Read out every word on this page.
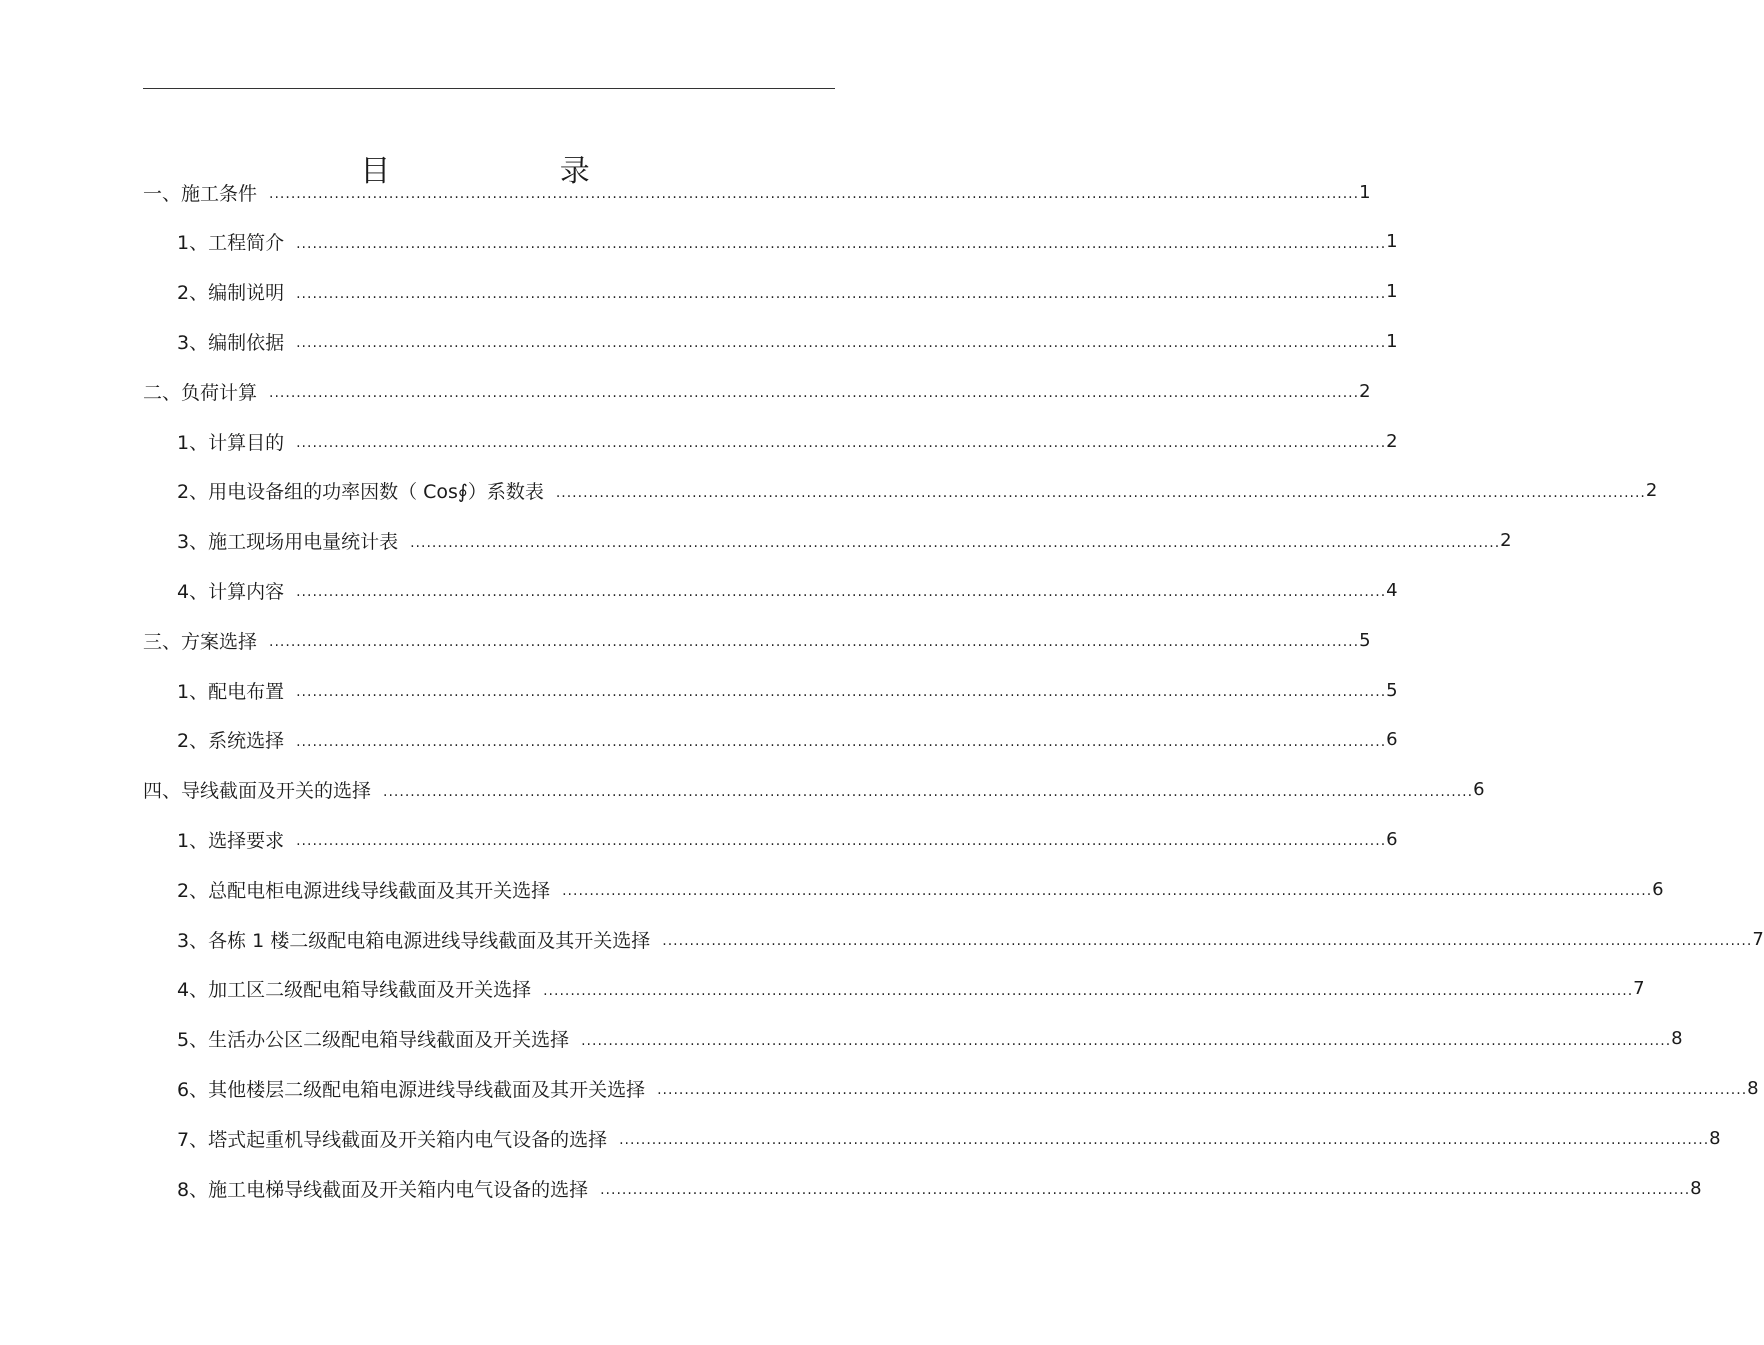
目 录
一、 施工条件 ........................................................................................................................................................................................................ 1
1、 工程简介 ........................................................................................................................................................................................................ 1
2、 编制说明 ........................................................................................................................................................................................................ 1
3、 编制依据 ........................................................................................................................................................................................................ 1
二、 负荷计算 ........................................................................................................................................................................................................ 2
1、 计算目的 ........................................................................................................................................................................................................ 2
2、 用电设备组的功率因数（ Cos∮）系数表 ........................................................................................................................................................................................................ 2
3、 施工现场用电量统计表 ........................................................................................................................................................................................................ 2
4、 计算内容 ........................................................................................................................................................................................................ 4
三、 方案选择 ........................................................................................................................................................................................................ 5
1、 配电布置 ........................................................................................................................................................................................................ 5
2、 系统选择 ........................................................................................................................................................................................................ 6
四、 导线截面及开关的选择 ........................................................................................................................................................................................................ 6
1、 选择要求 ........................................................................................................................................................................................................ 6
2、 总配电柜电源进线导线截面及其开关选择 ........................................................................................................................................................................................................ 6
3、 各栋 1 楼二级配电箱电源进线导线截面及其开关选择 ........................................................................................................................................................................................................ 7
4、 加工区二级配电箱导线截面及开关选择 ........................................................................................................................................................................................................ 7
5、 生活办公区二级配电箱导线截面及开关选择 ........................................................................................................................................................................................................ 8
6、 其他楼层二级配电箱电源进线导线截面及其开关选择 ........................................................................................................................................................................................................ 8
7、 塔式起重机导线截面及开关箱内电气设备的选择 ........................................................................................................................................................................................................ 8
8、 施工电梯导线截面及开关箱内电气设备的选择 ........................................................................................................................................................................................................ 8
